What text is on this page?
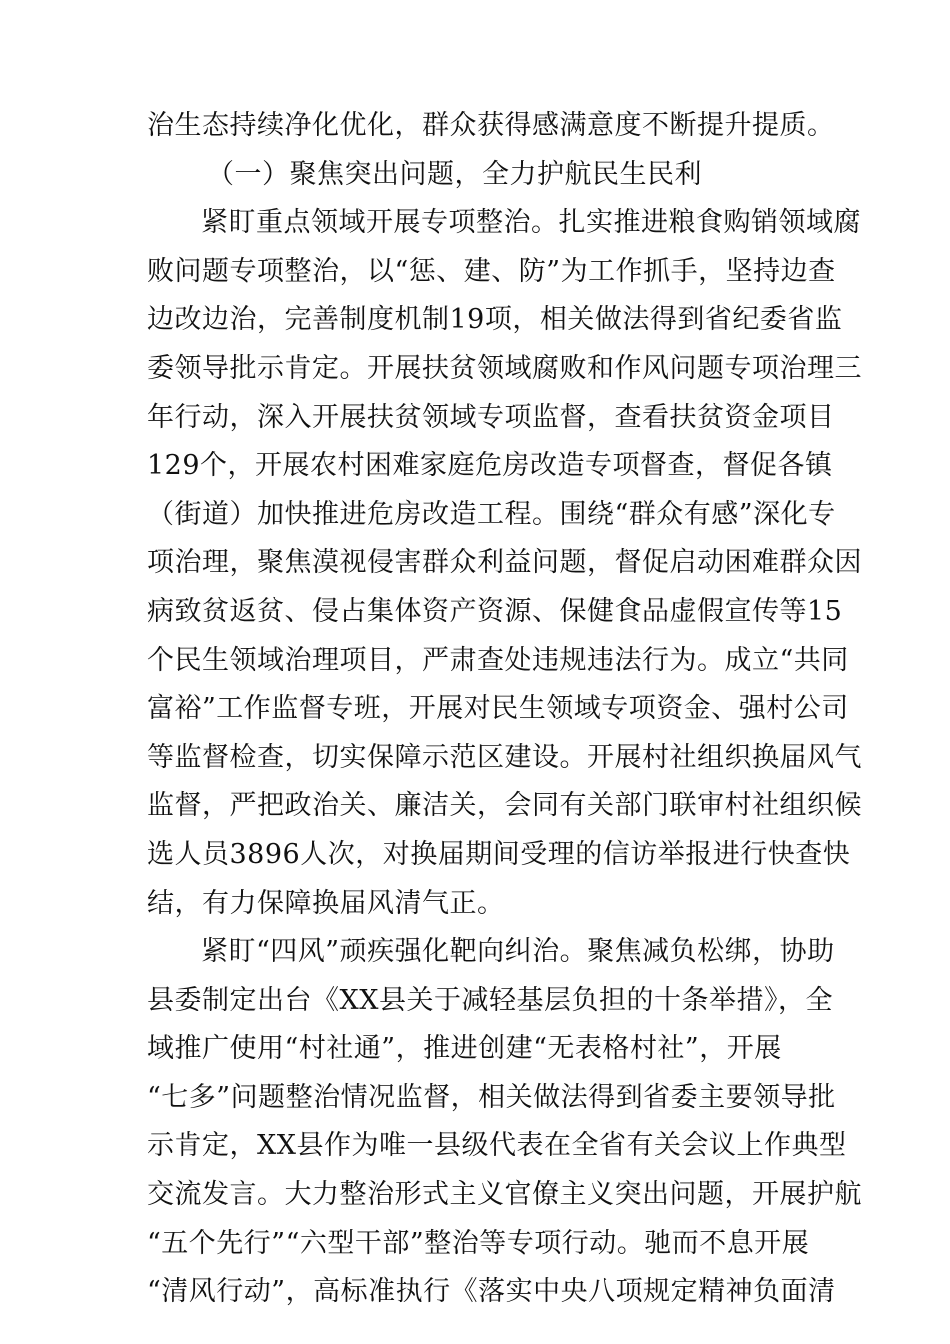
治生态持续净化优化，群众获得感满意度不断提升提质。
（一）聚焦突出问题，全力护航民生民利
紧盯重点领域开展专项整治。扎实推进粮食购销领域腐
败问题专项整治，以“惩、建、防”为工作抓手，坚持边查
边改边治，完善制度机制19项，相关做法得到省纪委省监
委领导批示肯定。开展扶贫领域腐败和作风问题专项治理三
年行动，深入开展扶贫领域专项监督，查看扶贫资金项目
129个，开展农村困难家庭危房改造专项督查，督促各镇
（街道）加快推进危房改造工程。围绕“群众有感”深化专
项治理，聚焦漠视侵害群众利益问题，督促启动困难群众因
病致贫返贫、侵占集体资产资源、保健食品虚假宣传等15
个民生领域治理项目，严肃查处违规违法行为。成立“共同
富裕”工作监督专班，开展对民生领域专项资金、强村公司
等监督检查，切实保障示范区建设。开展村社组织换届风气
监督，严把政治关、廉洁关，会同有关部门联审村社组织候
选人员3896人次，对换届期间受理的信访举报进行快查快
结，有力保障换届风清气正。
紧盯“四风”顽疾强化靶向纠治。聚焦减负松绑，协助
县委制定出台《XX县关于减轻基层负担的十条举措》，全
域推广使用“村社通”，推进创建“无表格村社”，开展
“七多”问题整治情况监督，相关做法得到省委主要领导批
示肯定，XX县作为唯一县级代表在全省有关会议上作典型
交流发言。大力整治形式主义官僚主义突出问题，开展护航
“五个先行”“六型干部”整治等专项行动。驰而不息开展
“清风行动”，高标准执行《落实中央八项规定精神负面清
